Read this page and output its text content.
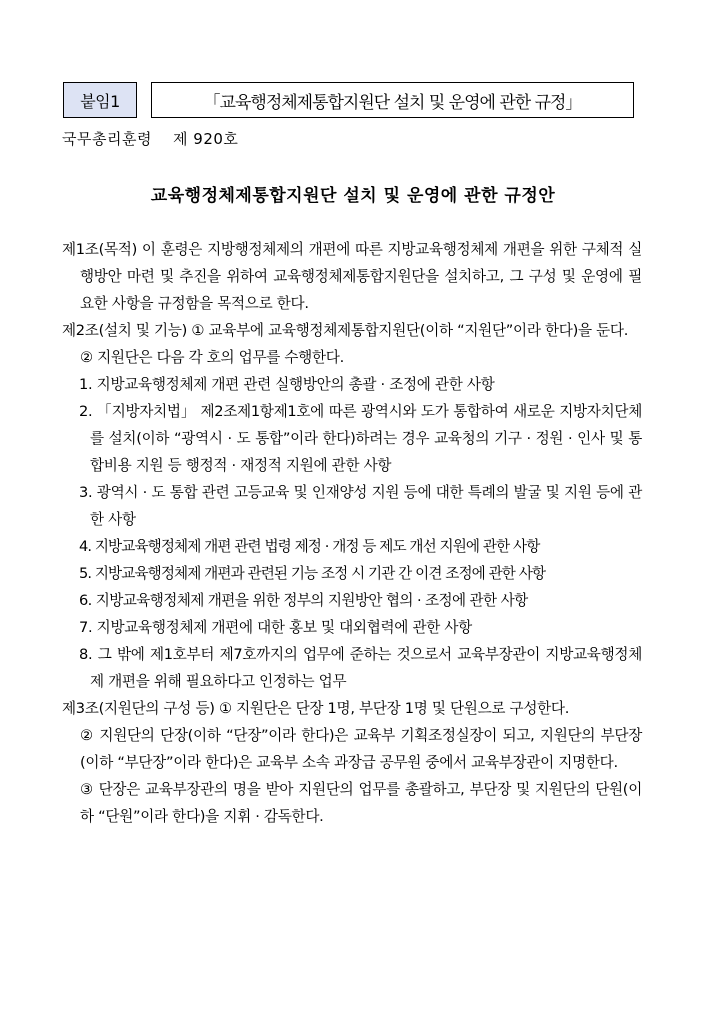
붙임1	「교육행정체제통합지원단 설치 및 운영에 관한 규정」
국무총리훈령    제 920호
교육행정체제통합지원단 설치 및 운영에 관한 규정안

제1조(목적) 이 훈령은 지방행정체제의 개편에 따른 지방교육행정체제 개편을 위한 구체적 실행방안 마련 및 추진을 위하여 교육행정체제통합지원단을 설치하고, 그 구성 및 운영에 필요한 사항을 규정함을 목적으로 한다.

제2조(설치 및 기능) ① 교육부에 교육행정체제통합지원단(이하 “지원단”이라 한다)을 둔다.

② 지원단은 다음 각 호의 업무를 수행한다.

1. 지방교육행정체제 개편 관련 실행방안의 총괄 · 조정에 관한 사항

2. 「지방자치법」 제2조제1항제1호에 따른 광역시와 도가 통합하여 새로운 지방자치단체를 설치(이하 “광역시 · 도 통합”이라 한다)하려는 경우 교육청의 기구 · 정원 · 인사 및 통합비용 지원 등 행정적 · 재정적 지원에 관한 사항

3. 광역시 · 도 통합 관련 고등교육 및 인재양성 지원 등에 대한 특례의 발굴 및 지원 등에 관한 사항

4. 지방교육행정체제 개편 관련 법령 제정 · 개정 등 제도 개선 지원에 관한 사항

5. 지방교육행정체제 개편과 관련된 기능 조정 시 기관 간 이견 조정에 관한 사항

6. 지방교육행정체제 개편을 위한 정부의 지원방안 협의 · 조정에 관한 사항

7. 지방교육행정체제 개편에 대한 홍보 및 대외협력에 관한 사항

8. 그 밖에 제1호부터 제7호까지의 업무에 준하는 것으로서 교육부장관이 지방교육행정체제 개편을 위해 필요하다고 인정하는 업무

제3조(지원단의 구성 등) ① 지원단은 단장 1명, 부단장 1명 및 단원으로 구성한다.

② 지원단의 단장(이하 “단장”이라 한다)은 교육부 기획조정실장이 되고, 지원단의 부단장(이하 “부단장”이라 한다)은 교육부 소속 과장급 공무원 중에서 교육부장관이 지명한다.

③ 단장은 교육부장관의 명을 받아 지원단의 업무를 총괄하고, 부단장 및 지원단의 단원(이하 “단원”이라 한다)을 지휘 · 감독한다.
